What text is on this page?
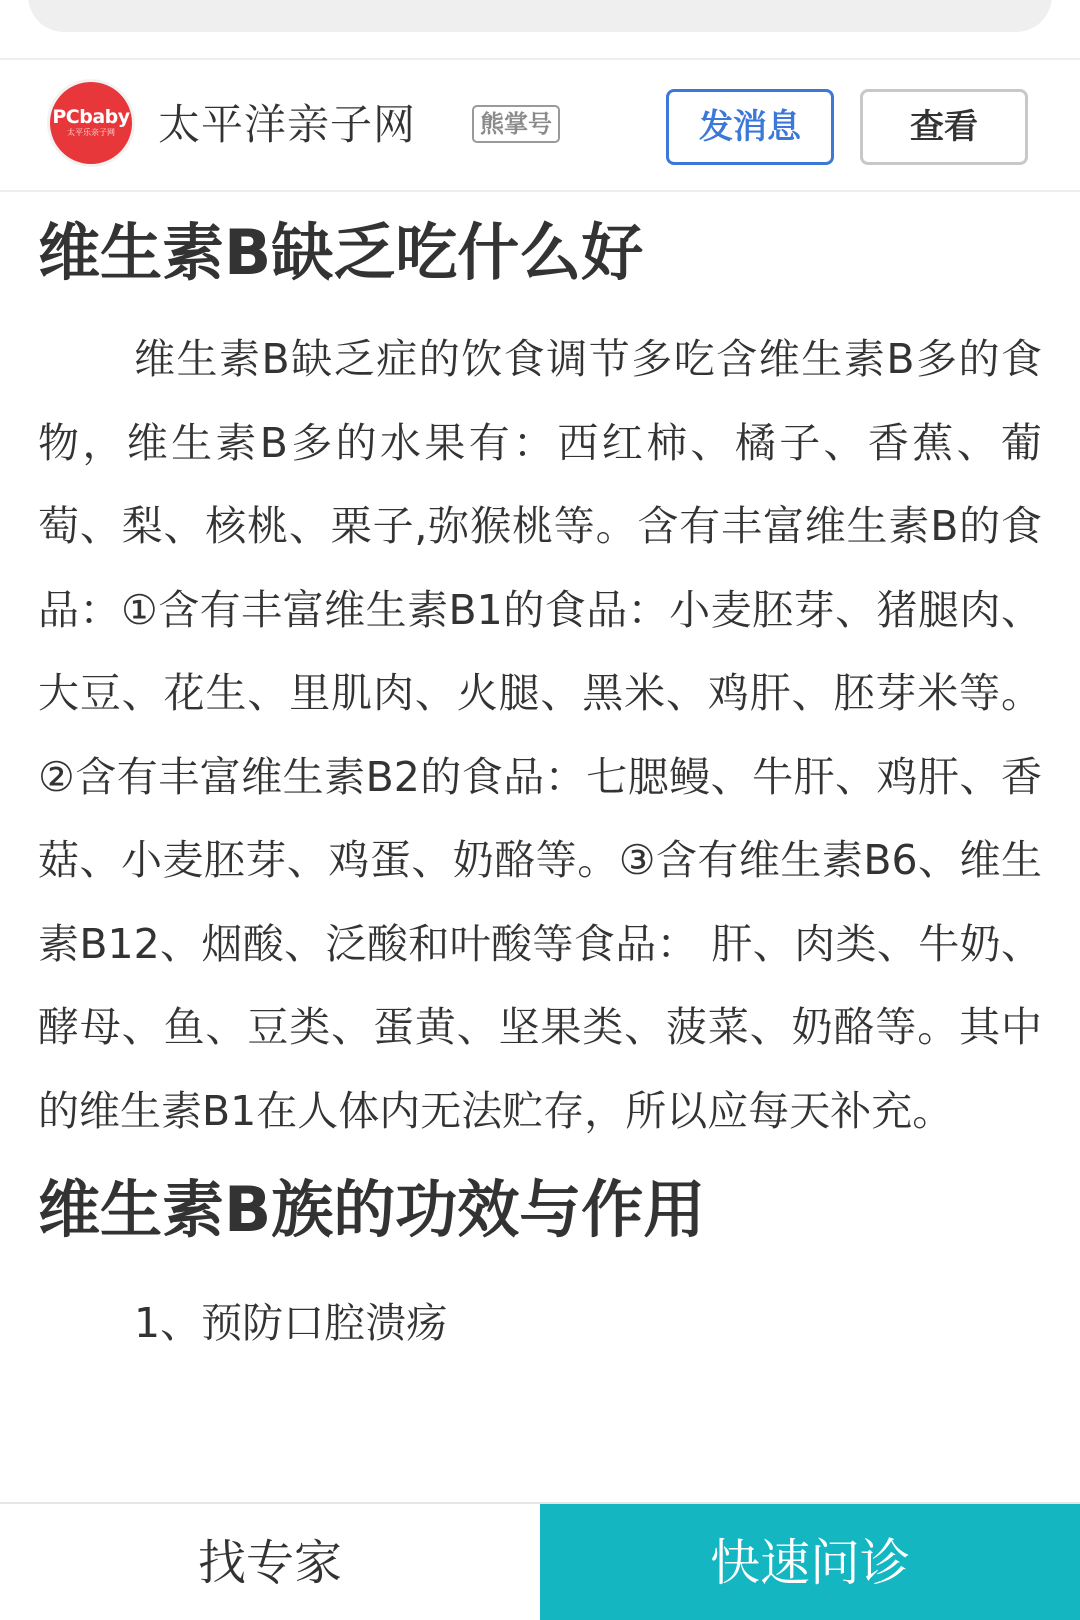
PCbaby
太平乐亲子网	太平洋亲子网	熊掌号	发消息	查看
维生素B缺乏吃什么好

维生素B缺乏症的饮食调节多吃含维生素B多的食物，维生素B多的水果有：西红柿、橘子、香蕉、葡萄、梨、核桃、栗子,弥猴桃等。含有丰富维生素B的食品：①含有丰富维生素B1的食品：小麦胚芽、猪腿肉、大豆、花生、里肌肉、火腿、黑米、鸡肝、胚芽米等。②含有丰富维生素B2的食品：七腮鳗、牛肝、鸡肝、香菇、小麦胚芽、鸡蛋、奶酪等。③含有维生素B6、维生素B12、烟酸、泛酸和叶酸等食品： 肝、肉类、牛奶、酵母、鱼、豆类、蛋黄、坚果类、菠菜、奶酪等。其中的维生素B1在人体内无法贮存，所以应每天补充。

维生素B族的功效与作用
1、预防口腔溃疡
找专家	快速问诊
